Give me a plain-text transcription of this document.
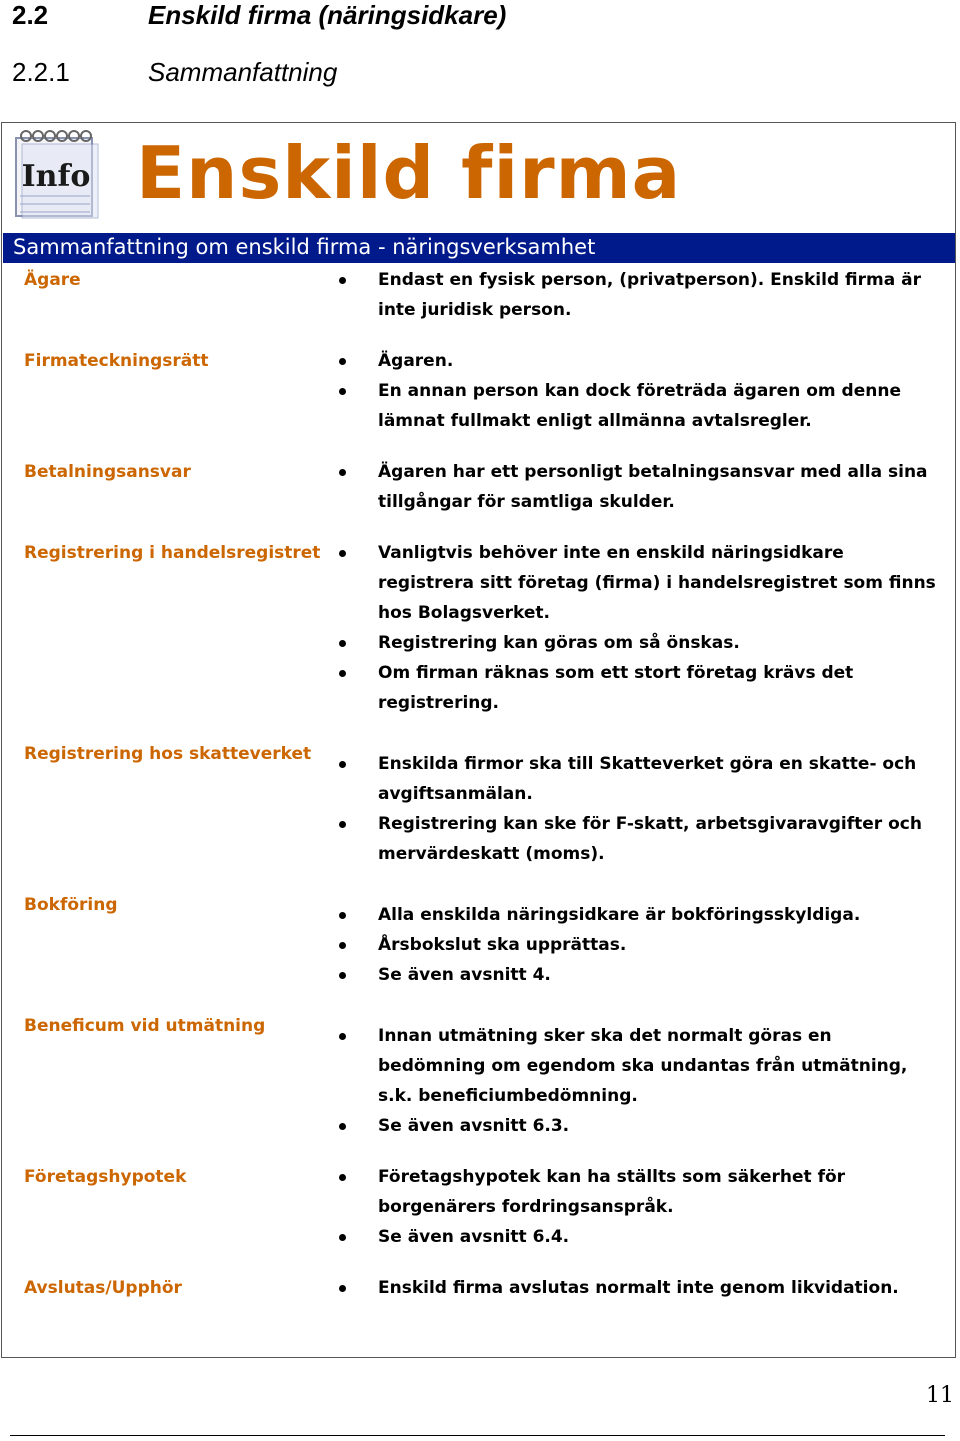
2.2	Enskild firma (näringsidkare)
2.2.1	Sammanfattning
Info Enskild firma
Sammanfattning om enskild firma - näringsverksamhet
Ägare	Endast en fysisk person, (privatperson). Enskild firma är inte juridisk person.
Firmateckningsrätt	Ägaren.
En annan person kan dock företräda ägaren om denne lämnat fullmakt enligt allmänna avtalsregler.
Betalningsansvar	Ägaren har ett personligt betalningsansvar med alla sina tillgångar för samtliga skulder.
Registrering i handelsregistret	Vanligtvis behöver inte en enskild näringsidkare registrera sitt företag (firma) i handelsregistret som finns hos Bolagsverket.
Registrering kan göras om så önskas.
Om firman räknas som ett stort företag krävs det registrering.
Registrering hos skatteverket	Enskilda firmor ska till Skatteverket göra en skatte- och avgiftsanmälan.
Registrering kan ske för F-skatt, arbetsgivaravgifter och mervärdeskatt (moms).
Bokföring	Alla enskilda näringsidkare är bokföringsskyldiga.
Årsbokslut ska upprättas.
Se även avsnitt 4.
Beneficum vid utmätning	Innan utmätning sker ska det normalt göras en bedömning om egendom ska undantas från utmätning, s.k. beneficiumbedömning.
Se även avsnitt 6.3.
Företagshypotek	Företagshypotek kan ha ställts som säkerhet för borgenärers fordringsanspråk.
Se även avsnitt 6.4.
Avslutas/Upphör	Enskild firma avslutas normalt inte genom likvidation.
11
